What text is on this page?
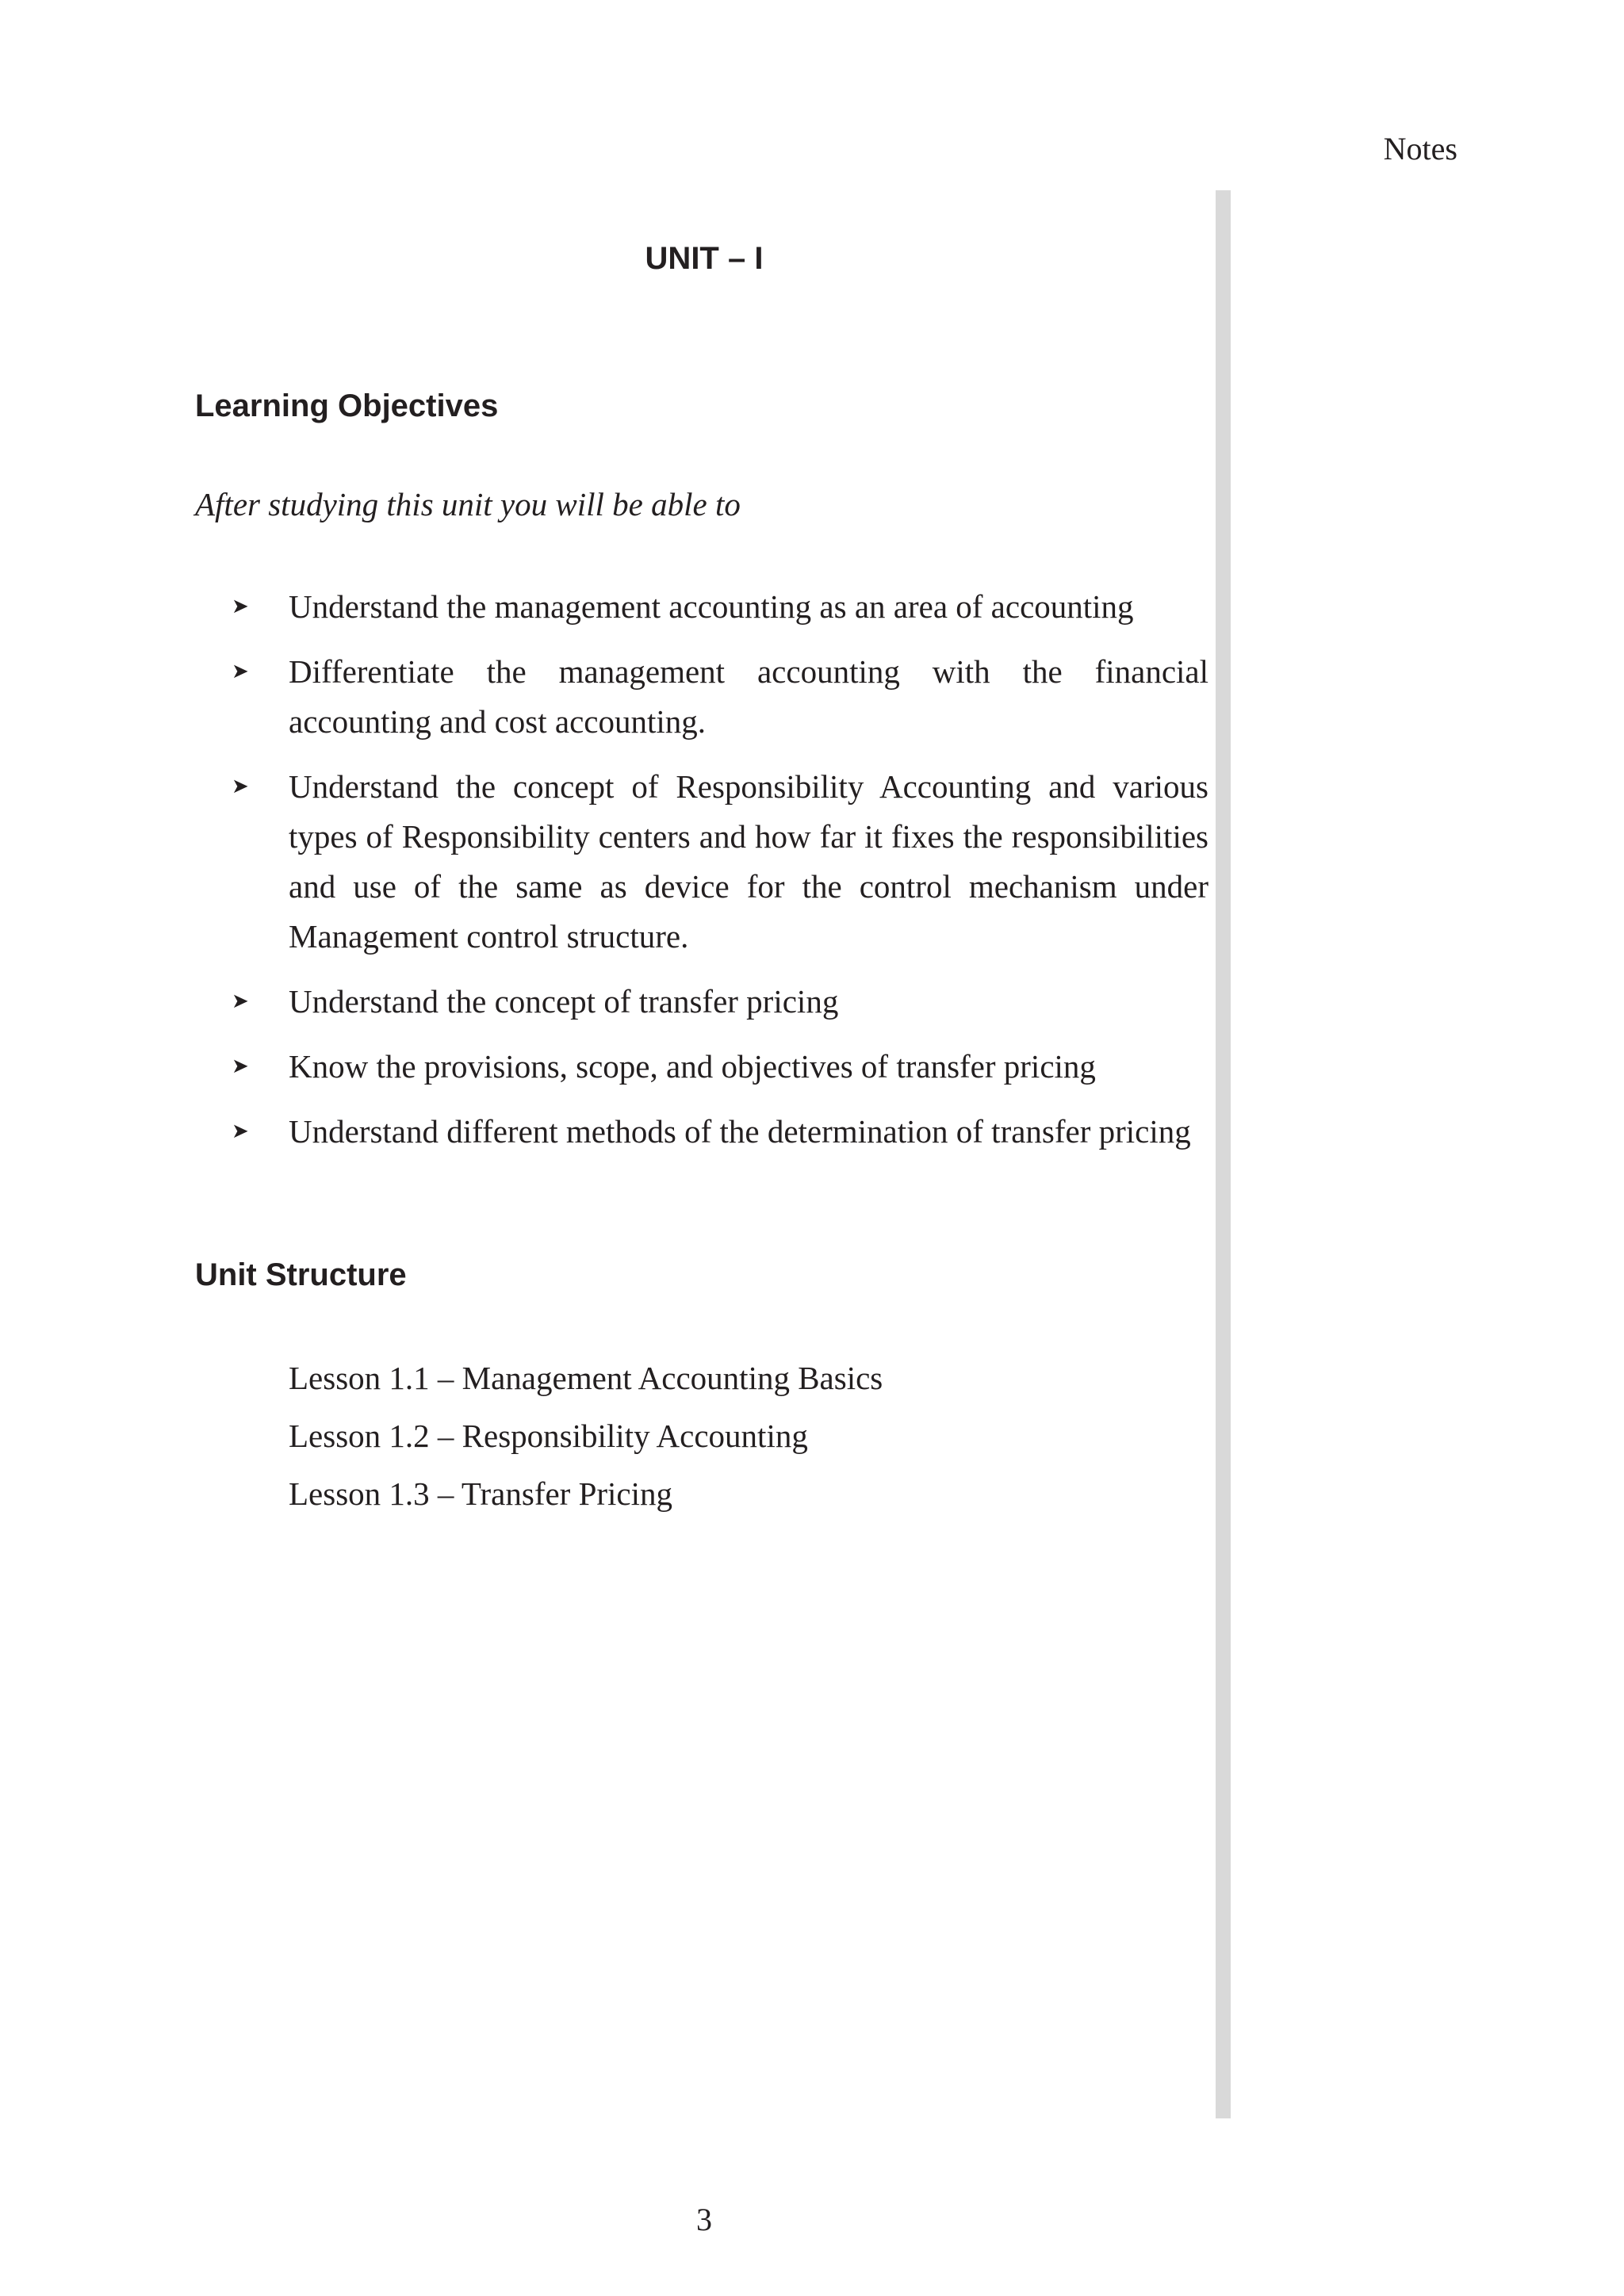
Notes
UNIT – I
Learning Objectives
After studying this unit you will be able to
➤ Understand the management accounting as an area of accounting
➤ Differentiate the management accounting with the financial accounting and cost accounting.
➤ Understand the concept of Responsibility Accounting and various types of Responsibility centers and how far it fixes the responsibilities and use of the same as device for the control mechanism under Management control structure.
➤ Understand the concept of transfer pricing
➤ Know the provisions, scope, and objectives of transfer pricing
➤ Understand different methods of the determination of transfer pricing
Unit Structure
Lesson 1.1 – Management Accounting Basics
Lesson 1.2 – Responsibility Accounting
Lesson 1.3 – Transfer Pricing
3
